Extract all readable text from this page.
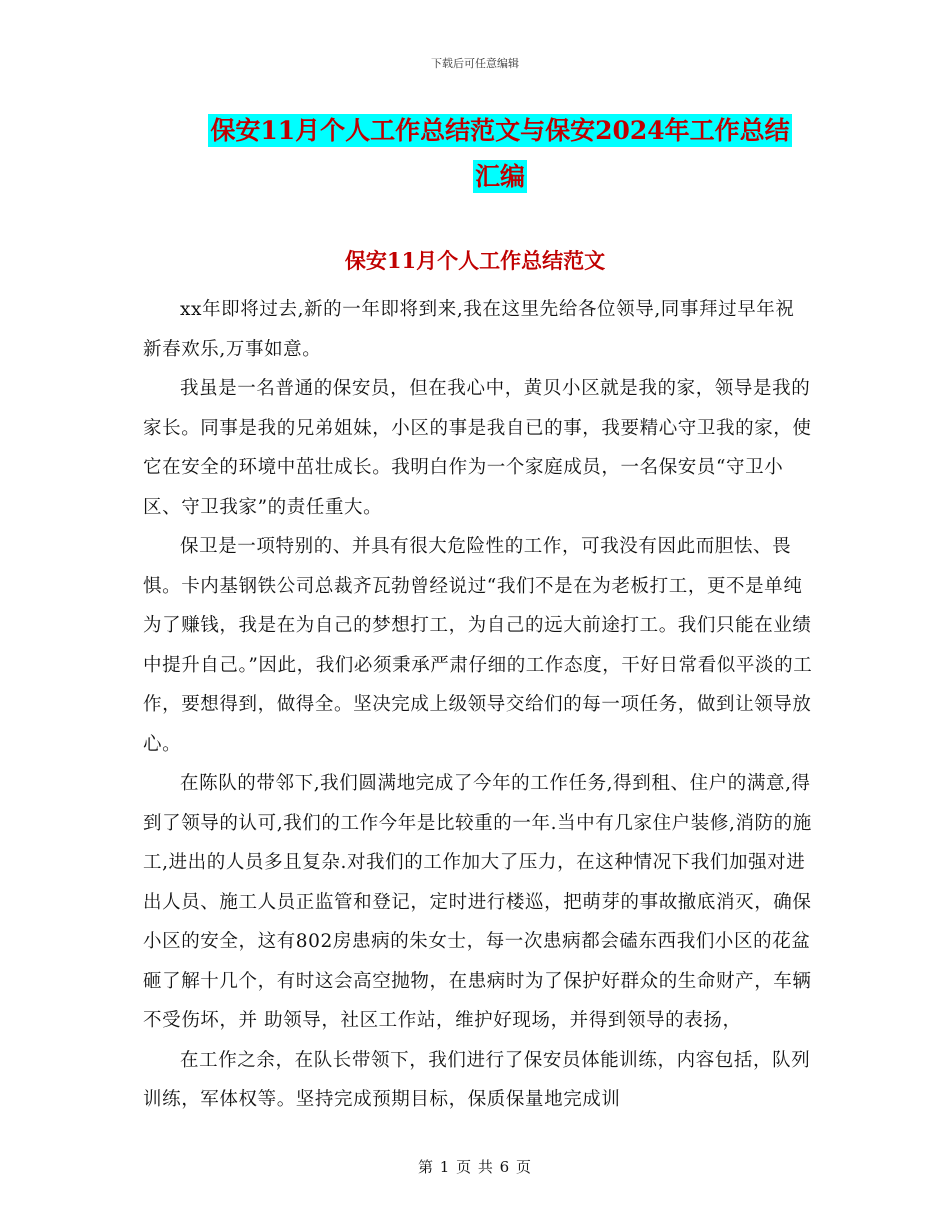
下载后可任意编辑
保安11月个人工作总结范文与保安2024年工作总结
汇编
保安11月个人工作总结范文

xx年即将过去,新的一年即将到来,我在这里先给各位领导,同事拜过早年祝新春欢乐,万事如意。

我虽是一名普通的保安员，但在我心中，黄贝小区就是我的家，领导是我的家长。同事是我的兄弟姐妹，小区的事是我自已的事，我要精心守卫我的家，使它在安全的环境中茁壮成长。我明白作为一个家庭成员，一名保安员“守卫小区、守卫我家”的责任重大。

保卫是一项特别的、并具有很大危险性的工作，可我没有因此而胆怯、畏惧。卡内基钢铁公司总裁齐瓦勃曾经说过“我们不是在为老板打工，更不是单纯为了赚钱，我是在为自己的梦想打工，为自己的远大前途打工。我们只能在业绩中提升自己。”因此，我们必须秉承严肃仔细的工作态度，干好日常看似平淡的工作，要想得到，做得全。坚决完成上级领导交给们的每一项任务，做到让领导放心。

在陈队的带邻下,我们圆满地完成了今年的工作任务,得到租、住户的满意,得到了领导的认可,我们的工作今年是比较重的一年.当中有几家住户装修,消防的施工,进出的人员多且复杂.对我们的工作加大了压力，在这种情况下我们加强对进出人员、施工人员正监管和登记，定时进行楼巡，把萌芽的事故撤底消灭，确保小区的安全，这有802房患病的朱女士，每一次患病都会磕东西我们小区的花盆砸了解十几个，有时这会高空抛物，在患病时为了保护好群众的生命财产，车辆不受伤坏，并 助领导，社区工作站，维护好现场，并得到领导的表扬，

在工作之余，在队长带领下，我们进行了保安员体能训练，内容包括，队列训练，军体权等。坚持完成预期目标，保质保量地完成训

第 1 页 共 6 页
